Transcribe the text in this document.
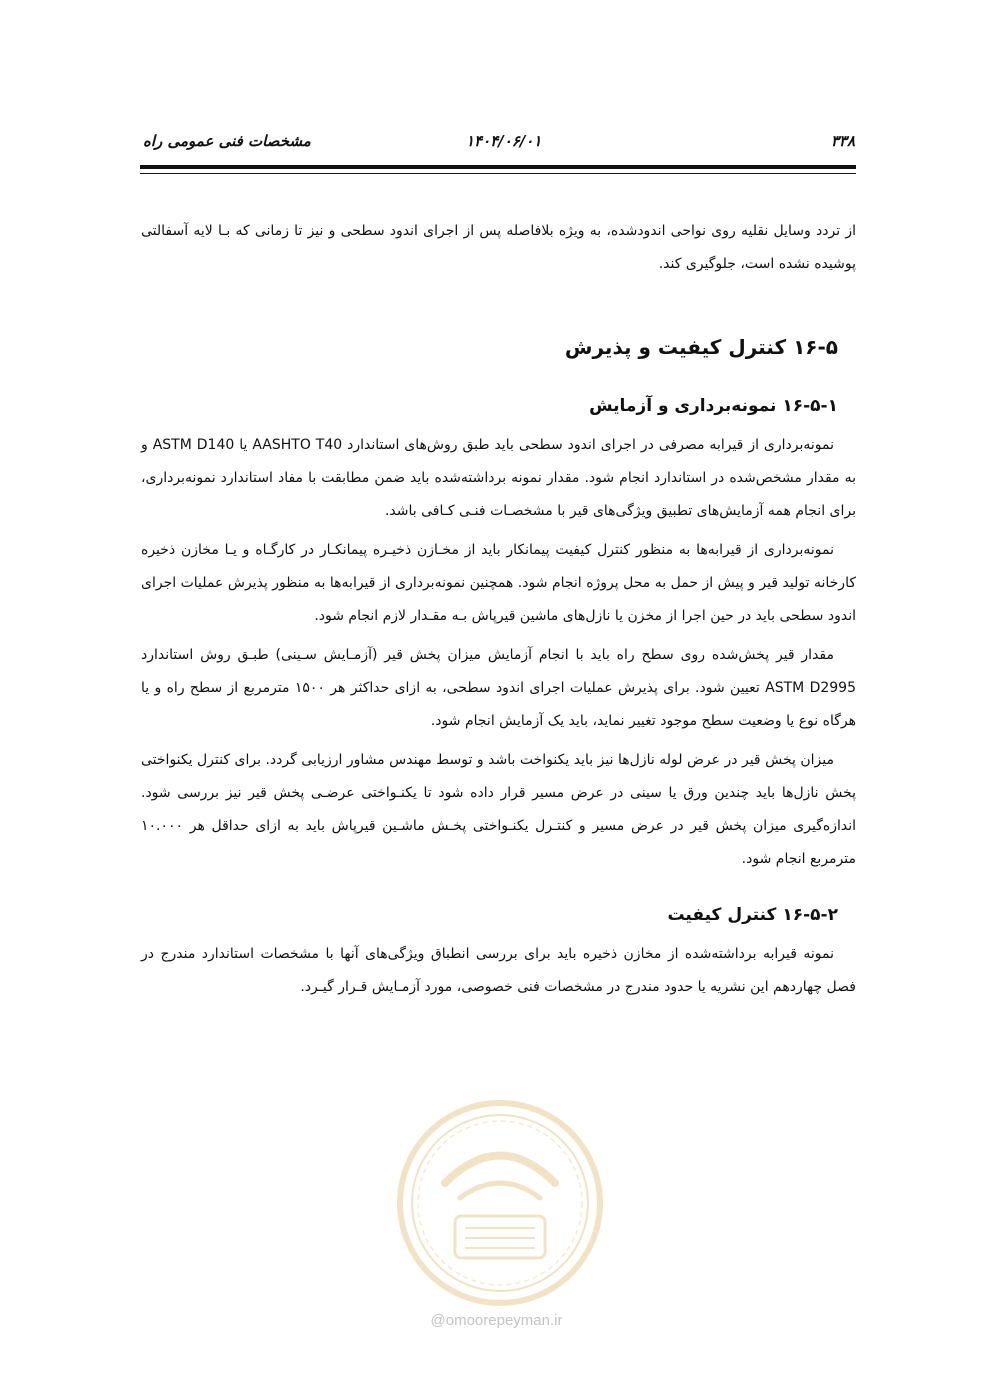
مشخصات فنی عمومی راه	۱۴۰۴/۰۶/۰۱	۳۳۸

از تردد وسایل نقلیه روی نواحی اندودشده، به ویژه بلافاصله پس از اجرای اندود سطحی و نیز تا زمانی که بـا لایه آسفالتی پوشیده نشده است، جلوگیری کند.

۱۶-۵ کنترل کیفیت و پذیرش
۱۶-۵-۱ نمونه‌برداری و آزمایش

نمونه‌برداری از قیرابه مصرفی در اجرای اندود سطحی باید طبق روش‌های استاندارد AASHTO T40 یا ASTM D140 و به مقدار مشخص‌شده در استاندارد انجام شود. مقدار نمونه برداشته‌شده باید ضمن مطابقت با مفاد استاندارد نمونه‌برداری، برای انجام همه آزمایش‌های تطبیق ویژگی‌های قیر با مشخصـات فنـی کـافی باشد.

نمونه‌برداری از قیرابه‌ها به منظور کنترل کیفیت پیمانکار باید از مخـازن ذخیـره پیمانکـار در کارگـاه و یـا مخازن ذخیره کارخانه تولید قیر و پیش از حمل به محل پروژه انجام شود. همچنین نمونه‌برداری از قیرابه‌ها به منظور پذیرش عملیات اجرای اندود سطحی باید در حین اجرا از مخزن یا نازل‌های ماشین قیرپاش بـه مقـدار لازم انجام شود.

مقدار قیر پخش‌شده روی سطح راه باید با انجام آزمایش میزان پخش قیر (آزمـایش سـینی) طبـق روش استاندارد ASTM D2995 تعیین شود. برای پذیرش عملیات اجرای اندود سطحی، به ازای حداکثر هر ۱۵۰۰ مترمربع از سطح راه و یا هرگاه نوع یا وضعیت سطح موجود تغییر نماید، باید یک آزمایش انجام شود.

میزان پخش قیر در عرض لوله نازل‌ها نیز باید یکنواخت باشد و توسط مهندس مشاور ارزیابی گردد. برای کنترل یکنواختی پخش نازل‌ها باید چندین ورق یا سینی در عرض مسیر قرار داده شود تا یکنـواختی عرضـی پخش قیر نیز بررسی شود. اندازه‌گیری میزان پخش قیر در عرض مسیر و کنتـرل یکنـواختی پخـش ماشـین قیرپاش باید به ازای حداقل هر ۱۰.۰۰۰ مترمربع انجام شود.

۱۶-۵-۲ کنترل کیفیت

نمونه قیرابه برداشته‌شده از مخازن ذخیره باید برای بررسی انطباق ویژگی‌های آنها با مشخصات استاندارد مندرج در فصل چهاردهم این نشریه یا حدود مندرج در مشخصات فنی خصوصی، مورد آزمـایش قـرار گیـرد.

@omoorepeyman.ir
